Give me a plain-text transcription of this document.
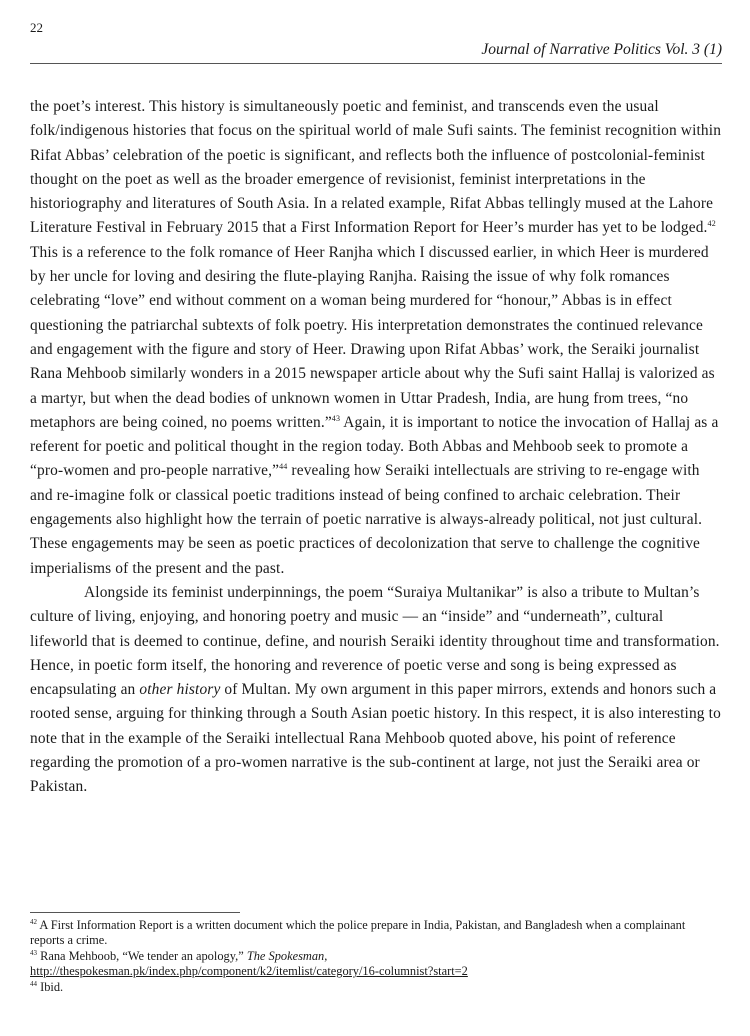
22
Journal of Narrative Politics Vol. 3 (1)

the poet’s interest. This history is simultaneously poetic and feminist, and transcends even the usual folk/indigenous histories that focus on the spiritual world of male Sufi saints. The feminist recognition within Rifat Abbas’ celebration of the poetic is significant, and reflects both the influence of postcolonial-feminist thought on the poet as well as the broader emergence of revisionist, feminist interpretations in the historiography and literatures of South Asia. In a related example, Rifat Abbas tellingly mused at the Lahore Literature Festival in February 2015 that a First Information Report for Heer’s murder has yet to be lodged.$^{42}$ This is a reference to the folk romance of Heer Ranjha which I discussed earlier, in which Heer is murdered by her uncle for loving and desiring the flute-playing Ranjha. Raising the issue of why folk romances celebrating “love” end without comment on a woman being murdered for “honour,” Abbas is in effect questioning the patriarchal subtexts of folk poetry. His interpretation demonstrates the continued relevance and engagement with the figure and story of Heer. Drawing upon Rifat Abbas’ work, the Seraiki journalist Rana Mehboob similarly wonders in a 2015 newspaper article about why the Sufi saint Hallaj is valorized as a martyr, but when the dead bodies of unknown women in Uttar Pradesh, India, are hung from trees, “no metaphors are being coined, no poems written.”$^{43}$ Again, it is important to notice the invocation of Hallaj as a referent for poetic and political thought in the region today. Both Abbas and Mehboob seek to promote a “pro-women and pro-people narrative,”$^{44}$ revealing how Seraiki intellectuals are striving to re-engage with and re-imagine folk or classical poetic traditions instead of being confined to archaic celebration. Their engagements also highlight how the terrain of poetic narrative is always-already political, not just cultural. These engagements may be seen as poetic practices of decolonization that serve to challenge the cognitive imperialisms of the present and the past.

Alongside its feminist underpinnings, the poem “Suraiya Multanikar” is also a tribute to Multan’s culture of living, enjoying, and honoring poetry and music — an “inside” and “underneath”, cultural lifeworld that is deemed to continue, define, and nourish Seraiki identity throughout time and transformation. Hence, in poetic form itself, the honoring and reverence of poetic verse and song is being expressed as encapsulating an other history of Multan. My own argument in this paper mirrors, extends and honors such a rooted sense, arguing for thinking through a South Asian poetic history. In this respect, it is also interesting to note that in the example of the Seraiki intellectual Rana Mehboob quoted above, his point of reference regarding the promotion of a pro-women narrative is the sub-continent at large, not just the Seraiki area or Pakistan.

$^{42}$ A First Information Report is a written document which the police prepare in India, Pakistan, and Bangladesh when a complainant reports a crime.

$^{43}$ Rana Mehboob, “We tender an apology,” The Spokesman,
http://thespokesman.pk/index.php/component/k2/itemlist/category/16-columnist?start=2

$^{44}$ Ibid.
